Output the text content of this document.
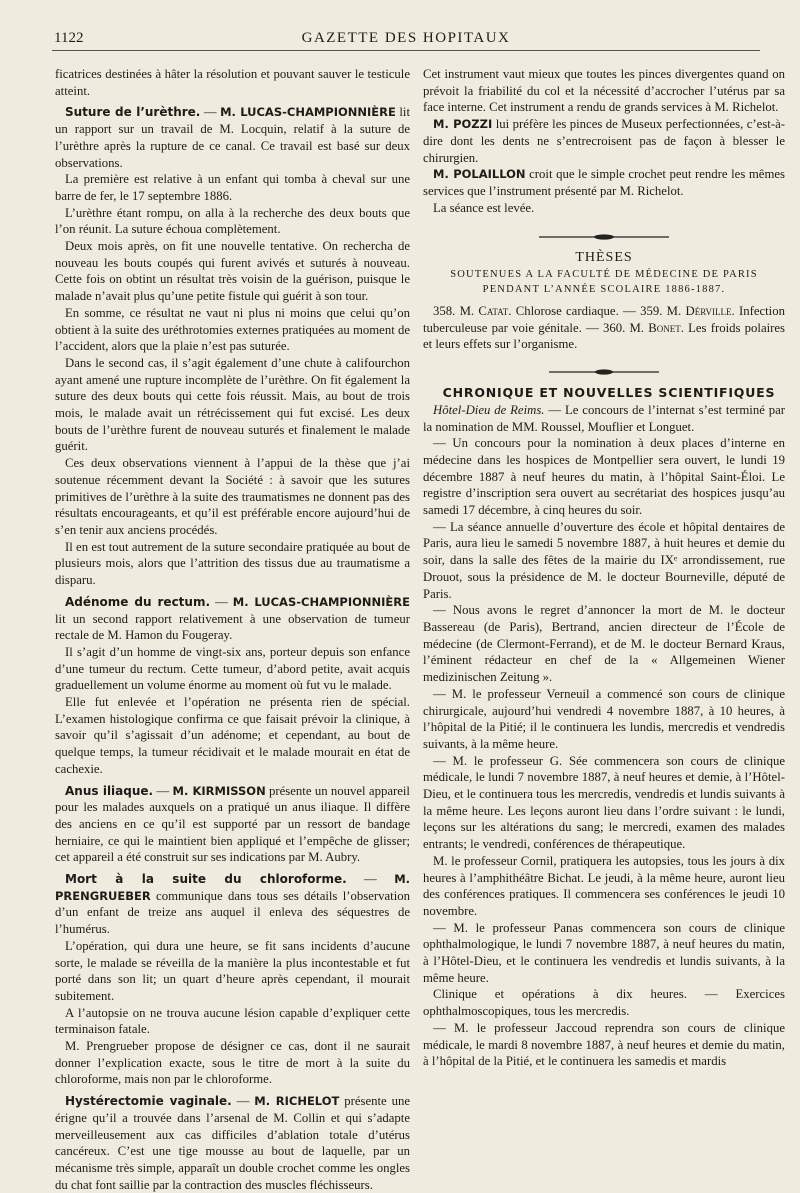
1122	GAZETTE DES HOPITAUX

ficatrices destinées à hâter la résolution et pouvant sauver le testicule atteint.

Suture de l’urèthre. — M. LUCAS-CHAMPIONNIÈRE lit un rapport sur un travail de M. Locquin, relatif à la suture de l’urèthre après la rupture de ce canal. Ce travail est basé sur deux observations.

La première est relative à un enfant qui tomba à cheval sur une barre de fer, le 17 septembre 1886.

L’urèthre étant rompu, on alla à la recherche des deux bouts que l’on réunit. La suture échoua complètement.

Deux mois après, on fit une nouvelle tentative. On rechercha de nouveau les bouts coupés qui furent avivés et suturés à nouveau. Cette fois on obtint un résultat très voisin de la guérison, puisque le malade n’avait plus qu’une petite fistule qui guérit à son tour.

En somme, ce résultat ne vaut ni plus ni moins que celui qu’on obtient à la suite des uréthrotomies externes pratiquées au moment de l’accident, alors que la plaie n’est pas suturée.

Dans le second cas, il s’agit également d’une chute à califourchon ayant amené une rupture incomplète de l’urèthre. On fit également la suture des deux bouts qui cette fois réussit. Mais, au bout de trois mois, le malade avait un rétrécissement qui fut excisé. Les deux bouts de l’urèthre furent de nouveau suturés et finalement le malade guérit.

Ces deux observations viennent à l’appui de la thèse que j’ai soutenue récemment devant la Société : à savoir que les sutures primitives de l’urèthre à la suite des traumatismes ne donnent pas des résultats encourageants, et qu’il est préférable encore aujourd’hui de s’en tenir aux anciens procédés.

Il en est tout autrement de la suture secondaire pratiquée au bout de plusieurs mois, alors que l’attrition des tissus due au traumatisme a disparu.

Adénome du rectum. — M. LUCAS-CHAMPIONNIÈRE lit un second rapport relativement à une observation de tumeur rectale de M. Hamon du Fougeray.

Il s’agit d’un homme de vingt-six ans, porteur depuis son enfance d’une tumeur du rectum. Cette tumeur, d’abord petite, avait acquis graduellement un volume énorme au moment où fut vu le malade.

Elle fut enlevée et l’opération ne présenta rien de spécial. L’examen histologique confirma ce que faisait prévoir la clinique, à savoir qu’il s’agissait d’un adénome; et cependant, au bout de quelque temps, la tumeur récidivait et le malade mourait en état de cachexie.

Anus iliaque. — M. KIRMISSON présente un nouvel appareil pour les malades auxquels on a pratiqué un anus iliaque. Il diffère des anciens en ce qu’il est supporté par un ressort de bandage herniaire, ce qui le maintient bien appliqué et l’empêche de glisser; cet appareil a été construit sur ses indications par M. Aubry.

Mort à la suite du chloroforme. — M. PRENGRUEBER communique dans tous ses détails l’observation d’un enfant de treize ans auquel il enleva des séquestres de l’humérus.

L’opération, qui dura une heure, se fit sans incidents d’aucune sorte, le malade se réveilla de la manière la plus incontestable et fut porté dans son lit; un quart d’heure après cependant, il mourait subitement.

A l’autopsie on ne trouva aucune lésion capable d’expliquer cette terminaison fatale.

M. Prengrueber propose de désigner ce cas, dont il ne saurait donner l’explication exacte, sous le titre de mort à la suite du chloroforme, mais non par le chloroforme.

Hystérectomie vaginale. — M. RICHELOT présente une érigne qu’il a trouvée dans l’arsenal de M. Collin et qui s’adapte merveilleusement aux cas difficiles d’ablation totale d’utérus cancéreux. C’est une tige mousse au bout de laquelle, par un mécanisme très simple, apparaît un double crochet comme les ongles du chat font saillie par la contraction des muscles fléchisseurs.

Cet instrument vaut mieux que toutes les pinces divergentes quand on prévoit la friabilité du col et la nécessité d’accrocher l’utérus par sa face interne. Cet instrument a rendu de grands services à M. Richelot.

M. POZZI lui préfère les pinces de Museux perfectionnées, c’est-à-dire dont les dents ne s’entrecroisent pas de façon à blesser le chirurgien.

M. POLAILLON croit que le simple crochet peut rendre les mêmes services que l’instrument présenté par M. Richelot.

La séance est levée.

THÈSES

SOUTENUES A LA FACULTÉ DE MÉDECINE DE PARIS

PENDANT L’ANNÉE SCOLAIRE 1886-1887.

358. M. Catat. Chlorose cardiaque. — 359. M. Dérville. Infection tuberculeuse par voie génitale. — 360. M. Bonet. Les froids polaires et leurs effets sur l’organisme.

CHRONIQUE ET NOUVELLES SCIENTIFIQUES

Hôtel-Dieu de Reims. — Le concours de l’internat s’est terminé par la nomination de MM. Roussel, Mouflier et Longuet.

— Un concours pour la nomination à deux places d’interne en médecine dans les hospices de Montpellier sera ouvert, le lundi 19 décembre 1887 à neuf heures du matin, à l’hôpital Saint-Éloi. Le registre d’inscription sera ouvert au secrétariat des hospices jusqu’au samedi 17 décembre, à cinq heures du soir.

— La séance annuelle d’ouverture des école et hôpital dentaires de Paris, aura lieu le samedi 5 novembre 1887, à huit heures et demie du soir, dans la salle des fêtes de la mairie du IXᵉ arrondissement, rue Drouot, sous la présidence de M. le docteur Bourneville, député de Paris.

— Nous avons le regret d’annoncer la mort de M. le docteur Bassereau (de Paris), Bertrand, ancien directeur de l’École de médecine (de Clermont-Ferrand), et de M. le docteur Bernard Kraus, l’éminent rédacteur en chef de la « Allgemeinen Wiener medizinischen Zeitung ».

— M. le professeur Verneuil a commencé son cours de clinique chirurgicale, aujourd’hui vendredi 4 novembre 1887, à 10 heures, à l’hôpital de la Pitié; il le continuera les lundis, mercredis et vendredis suivants, à la même heure.

— M. le professeur G. Sée commencera son cours de clinique médicale, le lundi 7 novembre 1887, à neuf heures et demie, à l’Hôtel-Dieu, et le continuera tous les mercredis, vendredis et lundis suivants à la même heure. Les leçons auront lieu dans l’ordre suivant : le lundi, leçons sur les altérations du sang; le mercredi, examen des malades entrants; le vendredi, conférences de thérapeutique.

M. le professeur Cornil, pratiquera les autopsies, tous les jours à dix heures à l’amphithéâtre Bichat. Le jeudi, à la même heure, auront lieu des conférences pratiques. Il commencera ses conférences le jeudi 10 novembre.

— M. le professeur Panas commencera son cours de clinique ophthalmologique, le lundi 7 novembre 1887, à neuf heures du matin, à l’Hôtel-Dieu, et le continuera les vendredis et lundis suivants, à la même heure.

Clinique et opérations à dix heures. — Exercices ophthalmoscopiques, tous les mercredis.

— M. le professeur Jaccoud reprendra son cours de clinique médicale, le mardi 8 novembre 1887, à neuf heures et demie du matin, à l’hôpital de la Pitié, et le continuera les samedis et mardis
